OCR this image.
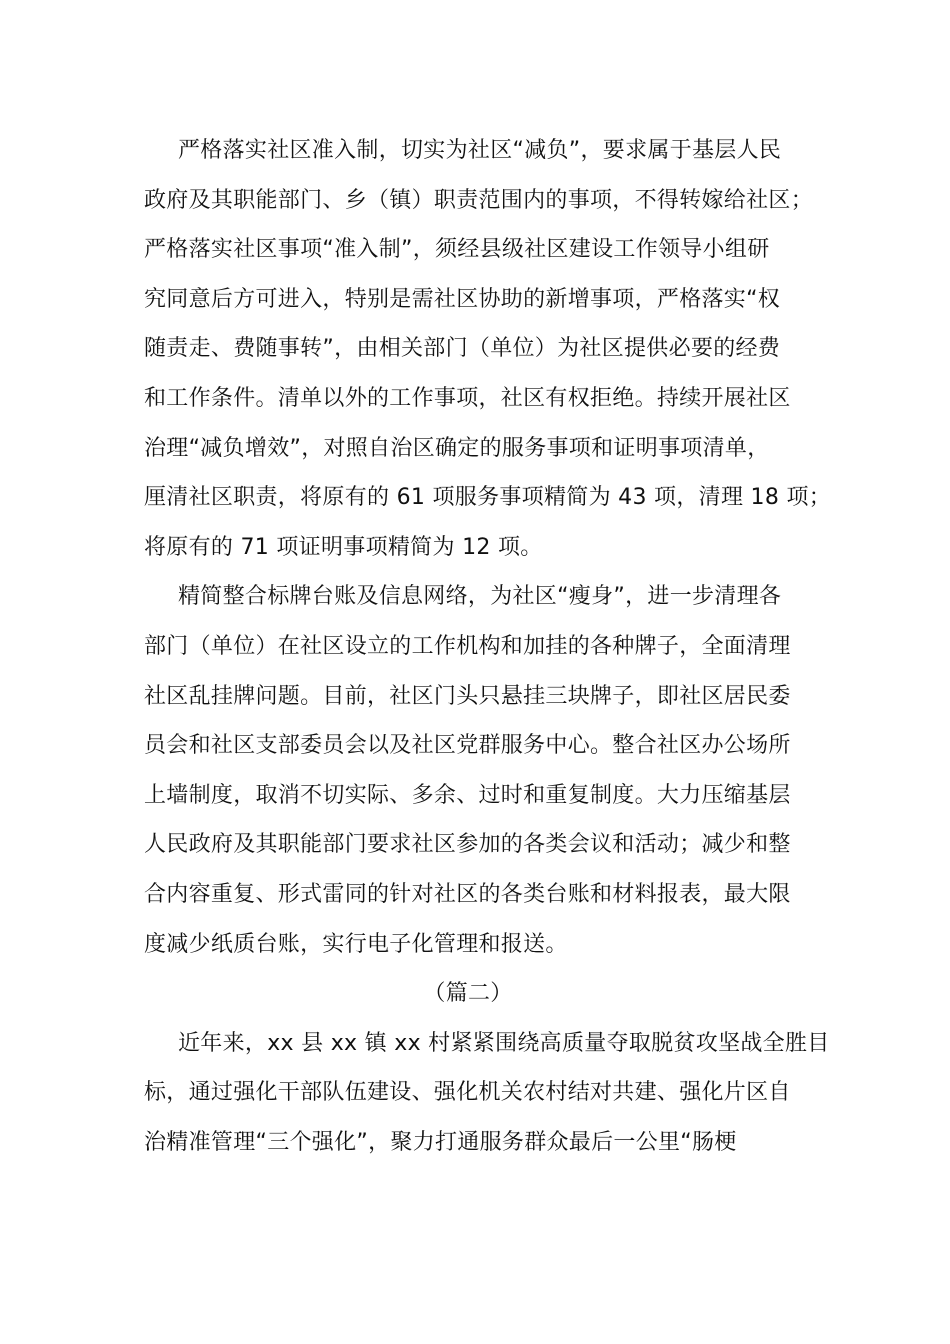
严格落实社区准入制，切实为社区“减负”，要求属于基层人民
政府及其职能部门、乡（镇）职责范围内的事项，不得转嫁给社区；
严格落实社区事项“准入制”，须经县级社区建设工作领导小组研
究同意后方可进入，特别是需社区协助的新增事项，严格落实“权
随责走、费随事转”，由相关部门（单位）为社区提供必要的经费
和工作条件。清单以外的工作事项，社区有权拒绝。持续开展社区
治理“减负增效”，对照自治区确定的服务事项和证明事项清单，
厘清社区职责，将原有的 61 项服务事项精简为 43 项，清理 18 项；
将原有的 71 项证明事项精简为 12 项。
精简整合标牌台账及信息网络，为社区“瘦身”，进一步清理各
部门（单位）在社区设立的工作机构和加挂的各种牌子，全面清理
社区乱挂牌问题。目前，社区门头只悬挂三块牌子，即社区居民委
员会和社区支部委员会以及社区党群服务中心。整合社区办公场所
上墙制度，取消不切实际、多余、过时和重复制度。大力压缩基层
人民政府及其职能部门要求社区参加的各类会议和活动；减少和整
合内容重复、形式雷同的针对社区的各类台账和材料报表，最大限
度减少纸质台账，实行电子化管理和报送。
（篇二）
近年来，xx 县 xx 镇 xx 村紧紧围绕高质量夺取脱贫攻坚战全胜目
标，通过强化干部队伍建设、强化机关农村结对共建、强化片区自
治精准管理“三个强化”，聚力打通服务群众最后一公里“肠梗
